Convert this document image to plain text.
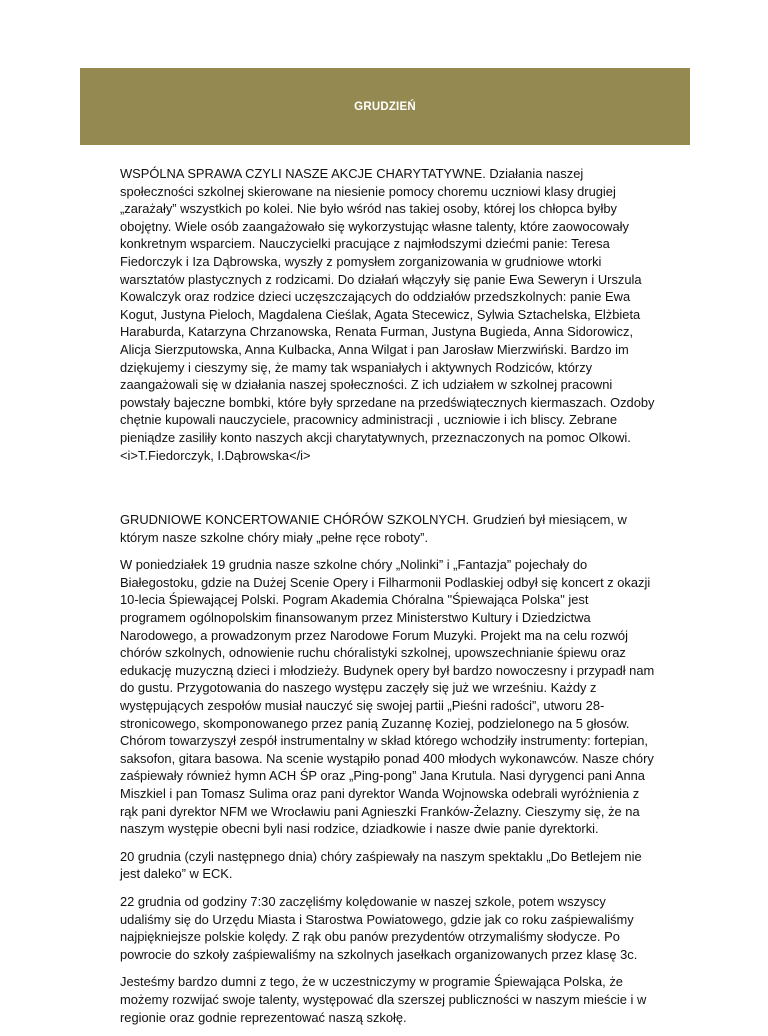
GRUDZIEŃ

WSPÓLNA SPRAWA CZYLI NASZE AKCJE CHARYTATYWNE. Działania naszej społeczności szkolnej skierowane na niesienie pomocy choremu uczniowi klasy drugiej „zarażały” wszystkich po kolei. Nie było wśród nas takiej osoby, której los chłopca byłby obojętny. Wiele osób zaangażowało się wykorzystując własne talenty, które zaowocowały konkretnym wsparciem. Nauczycielki pracujące z najmłodszymi dziećmi panie: Teresa Fiedorczyk i Iza Dąbrowska, wyszły z pomysłem zorganizowania w grudniowe wtorki warsztatów plastycznych z rodzicami. Do działań włączyły się panie Ewa Seweryn i Urszula Kowalczyk oraz rodzice dzieci uczęszczających do oddziałów przedszkolnych: panie Ewa Kogut, Justyna Pieloch, Magdalena Cieślak, Agata Stecewicz, Sylwia Sztachelska, Elżbieta Haraburda, Katarzyna Chrzanowska, Renata Furman, Justyna Bugieda, Anna Sidorowicz, Alicja Sierzputowska, Anna Kulbacka, Anna Wilgat i pan Jarosław Mierzwiński. Bardzo im dziękujemy i cieszymy się, że mamy tak wspaniałych i aktywnych Rodziców, którzy zaangażowali się w działania naszej społeczności. Z ich udziałem w szkolnej pracowni powstały bajeczne bombki, które były sprzedane na przedświątecznych kiermaszach. Ozdoby chętnie kupowali nauczyciele, pracownicy administracji , uczniowie i ich bliscy. Zebrane pieniądze zasiliły konto naszych akcji charytatywnych, przeznaczonych na pomoc Olkowi. <i>T.Fiedorczyk, I.Dąbrowska</i>

GRUDNIOWE KONCERTOWANIE CHÓRÓW SZKOLNYCH. Grudzień był miesiącem, w którym nasze szkolne chóry miały „pełne ręce roboty”.

W poniedziałek 19 grudnia nasze szkolne chóry „Nolinki” i „Fantazja” pojechały do Białegostoku, gdzie na Dużej Scenie Opery i Filharmonii Podlaskiej odbył się koncert z okazji 10-lecia Śpiewającej Polski. Pogram Akademia Chóralna "Śpiewająca Polska" jest programem ogólnopolskim finansowanym przez Ministerstwo Kultury i Dziedzictwa Narodowego, a prowadzonym przez Narodowe Forum Muzyki. Projekt ma na celu rozwój chórów szkolnych, odnowienie ruchu chóralistyki szkolnej, upowszechnianie śpiewu oraz edukację muzyczną dzieci i młodzieży. Budynek opery był bardzo nowoczesny i przypadł nam do gustu. Przygotowania do naszego występu zaczęły się już we wrześniu. Każdy z występujących zespołów musiał nauczyć się swojej partii „Pieśni radości”, utworu 28-stronicowego, skomponowanego przez panią Zuzannę Koziej, podzielonego na 5 głosów. Chórom towarzyszył zespół instrumentalny w skład którego wchodziły instrumenty: fortepian, saksofon, gitara basowa. Na scenie wystąpiło ponad 400 młodych wykonawców. Nasze chóry zaśpiewały również hymn ACH ŚP oraz „Ping-pong” Jana Krutula. Nasi dyrygenci pani Anna Miszkiel i pan Tomasz Sulima oraz pani dyrektor Wanda Wojnowska odebrali wyróżnienia z rąk pani dyrektor NFM we Wrocławiu pani Agnieszki Franków-Żelazny. Cieszymy się, że na naszym występie obecni byli nasi rodzice, dziadkowie i nasze dwie panie dyrektorki.

20 grudnia (czyli następnego dnia) chóry zaśpiewały na naszym spektaklu „Do Betlejem nie jest daleko” w ECK.

22 grudnia od godziny 7:30 zaczęliśmy kolędowanie w naszej szkole, potem wszyscy udaliśmy się do Urzędu Miasta i Starostwa Powiatowego, gdzie jak co roku zaśpiewaliśmy najpiękniejsze polskie kolędy. Z rąk obu panów prezydentów otrzymaliśmy słodycze. Po powrocie do szkoły zaśpiewaliśmy na szkolnych jasełkach organizowanych przez klasę 3c.

Jesteśmy bardzo dumni z tego, że w uczestniczymy w programie Śpiewająca Polska, że możemy rozwijać swoje talenty, występować dla szerszej publiczności w naszym mieście i w regionie oraz godnie reprezentować naszą szkołę.
